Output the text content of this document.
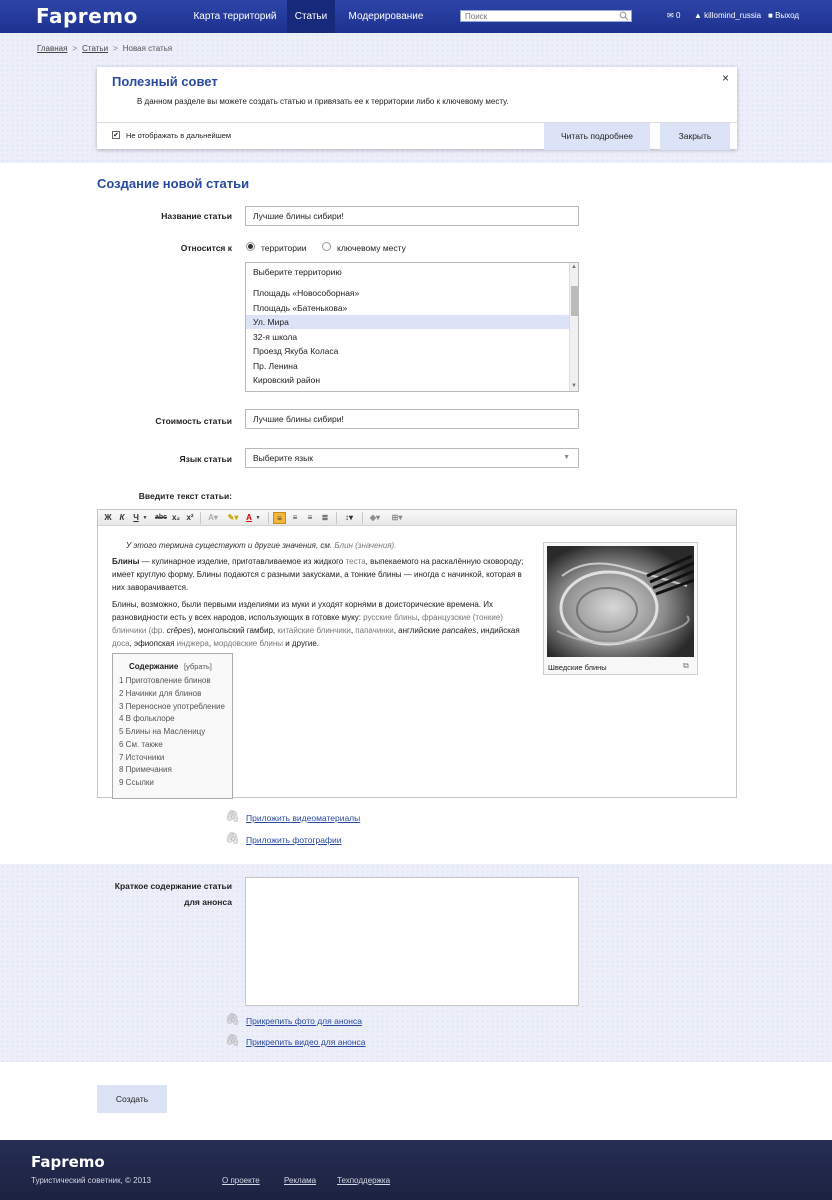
Fapremo	Карта территорий	Статьи	Модерирование
Поиск	✉ 0 ▲ killomind_russia ■ Выход
Главная > Статьи > Новая статья
Полезный совет
В данном разделе вы можете создать статью и привязать ее к территории либо к ключевому месту.
×
✔ Не отображать в дальнейшем	Читать подробнее	Закрыть
Создание новой статьи
Название статьи	Лучшие блины сибири!
Относится к	территории	ключевому месту
Выберите территорию
Площадь «Новособорная»
Площадь «Батенькова»
Ул. Мира
32-я школа
Проезд Якуба Коласа
Пр. Ленина
Кировский район
▲
▼
Стоимость статьи	Лучшие блины сибири!
Язык статьи	Выберите язык	▼
Введите текст статьи:
Ж К	Ч ▼ abc x₂ x²	A▾	✎▾ A ▼	≡	≡	≡	≣	↕▾	◈▾	⊞▾
У этого термина существуют и другие значения, см. Блин (значения).
Блины — кулинарное изделие, приготавливаемое из жидкого теста, выпекаемого на раскалённую сковороду; имеет круглую форму. Блины подаются с разными закусками, а тонкие блины — иногда с начинкой, которая в них заворачивается.
Блины, возможно, были первыми изделиями из муки и уходят корнями в доисторические времена. Их разновидности есть у всех народов, использующих в готовке муку: русские блины, французские (тонкие) блинчики (фр. crêpes), монгольский гамбир, китайские блинчики, папачинки, английские pancakes, индийская доса, эфиопская инджера, мордовские блины и другие.
Шведские блины	⧉
Содержание [убрать]
1 Приготовление блинов
2 Начинки для блинов
3 Переносное употребление
4 В фольклоре
5 Блины на Масленицу
6 См. также
7 Источники
8 Примечания
9 Ссылки
🖇 Приложить видеоматериалы
🖇 Приложить фотографии
Краткое содержание статьи
для анонса
🖇 Прикрепить фото для анонса
🖇 Прикрепить видео для анонса
Создать
Fapremo
Туристический советник, © 2013	О проекте	Реклама	Техподдержка
